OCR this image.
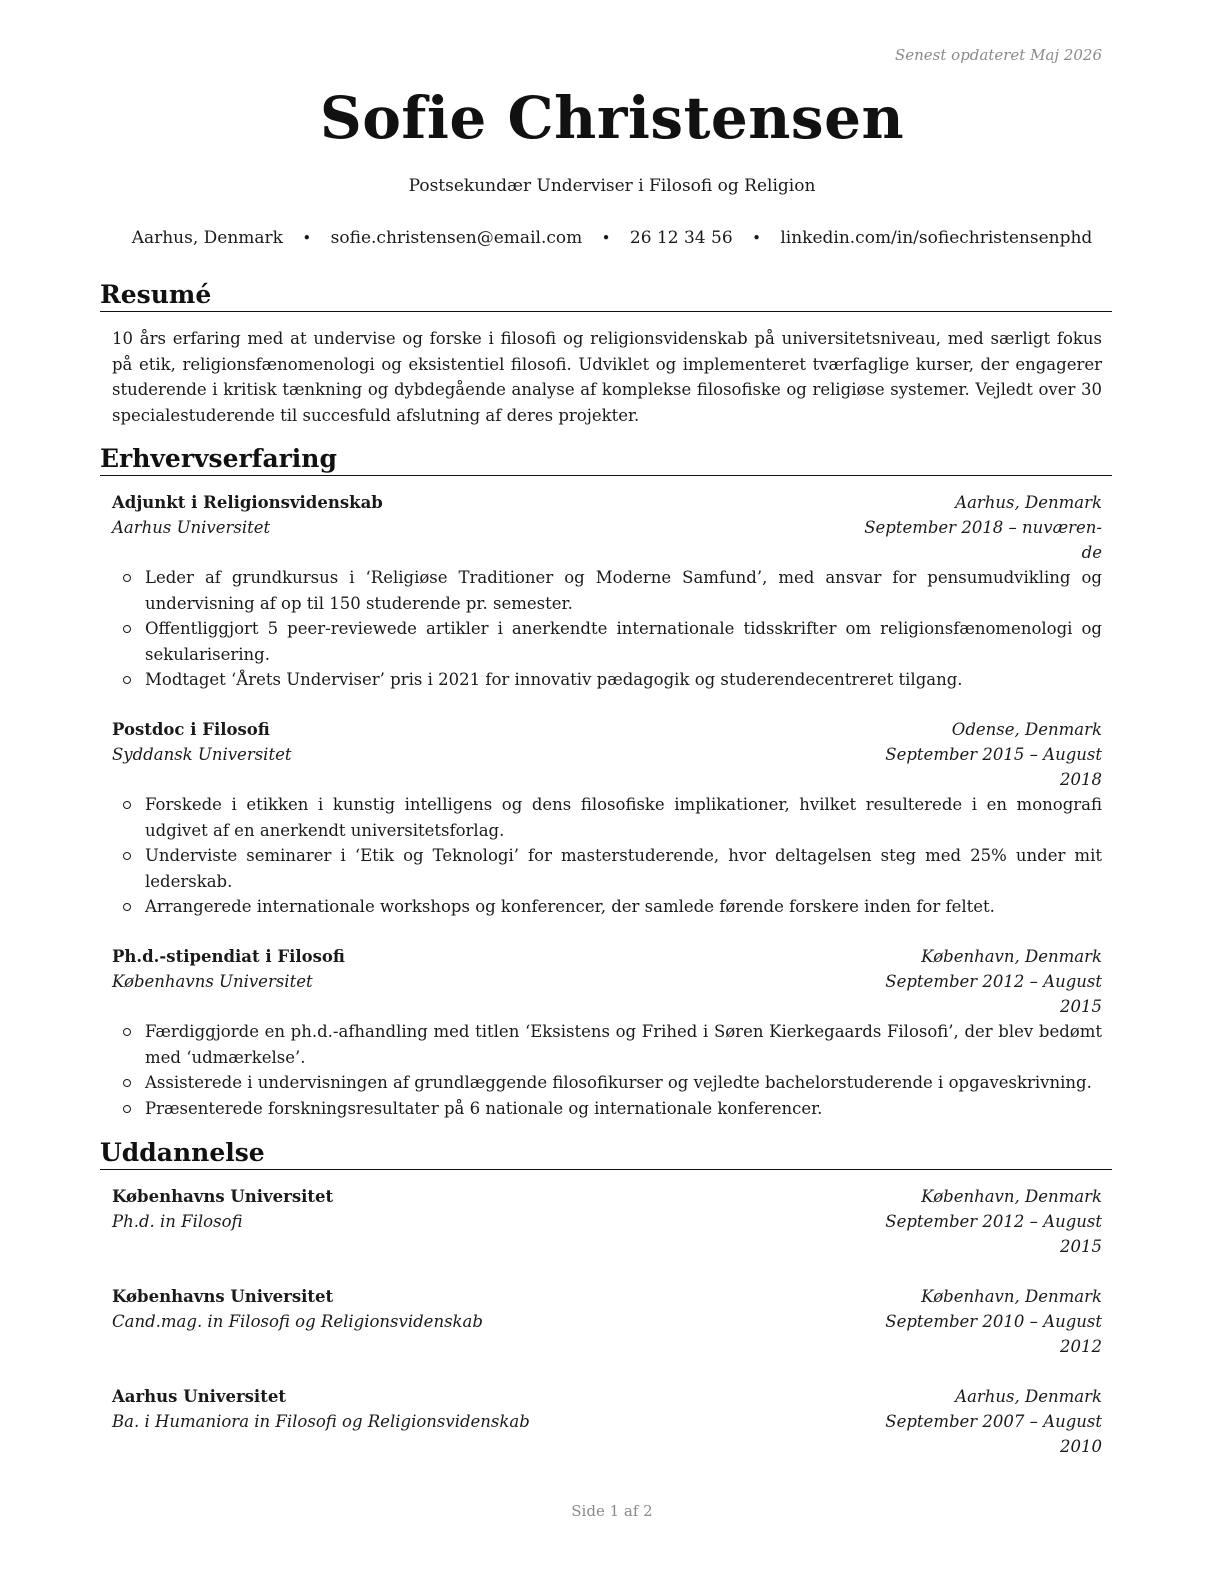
Senest opdateret Maj 2026
Sofie Christensen
Postsekundær Underviser i Filosofi og Religion
Aarhus, Denmark • sofie.christensen@email.com • 26 12 34 56 • linkedin.com/in/sofiechristensenphd
Resumé
10 års erfaring med at undervise og forske i filosofi og religionsvidenskab på universitetsniveau, med særligt fokus på etik, religionsfænomenologi og eksistentiel filosofi. Udviklet og implementeret tværfaglige kurser, der engagerer studerende i kritisk tænkning og dybdegående analyse af komplekse filosofiske og religiøse systemer. Vejledt over 30 specialestuderende til succesfuld afslutning af deres projekter.
Erhvervserfaring
Adjunkt i Religionsvidenskab
Aarhus Universitet
Aarhus, Denmark
September 2018 – nuværen-
de
Leder af grundkursus i ‘Religiøse Traditioner og Moderne Samfund’, med ansvar for pensumudvikling og undervisning af op til 150 studerende pr. semester.
Offentliggjort 5 peer-reviewede artikler i anerkendte internationale tidsskrifter om religionsfænomenologi og sekularisering.
Modtaget ‘Årets Underviser’ pris i 2021 for innovativ pædagogik og studerendecentreret tilgang.
Postdoc i Filosofi
Syddansk Universitet
Odense, Denmark
September 2015 – August
2018
Forskede i etikken i kunstig intelligens og dens filosofiske implikationer, hvilket resulterede i en monografi udgivet af en anerkendt universitetsforlag.
Underviste seminarer i ‘Etik og Teknologi’ for masterstuderende, hvor deltagelsen steg med 25% under mit lederskab.
Arrangerede internationale workshops og konferencer, der samlede førende forskere inden for feltet.
Ph.d.-stipendiat i Filosofi
Københavns Universitet
København, Denmark
September 2012 – August
2015
Færdiggjorde en ph.d.-afhandling med titlen ‘Eksistens og Frihed i Søren Kierkegaards Filosofi’, der blev bedømt med ‘udmærkelse’.
Assisterede i undervisningen af grundlæggende filosofikurser og vejledte bachelorstuderende i opgaveskrivning.
Præsenterede forskningsresultater på 6 nationale og internationale konferencer.
Uddannelse
Københavns Universitet
Ph.d. in Filosofi
København, Denmark
September 2012 – August
2015
Københavns Universitet
Cand.mag. in Filosofi og Religionsvidenskab
København, Denmark
September 2010 – August
2012
Aarhus Universitet
Ba. i Humaniora in Filosofi og Religionsvidenskab
Aarhus, Denmark
September 2007 – August
2010
Side 1 af 2
